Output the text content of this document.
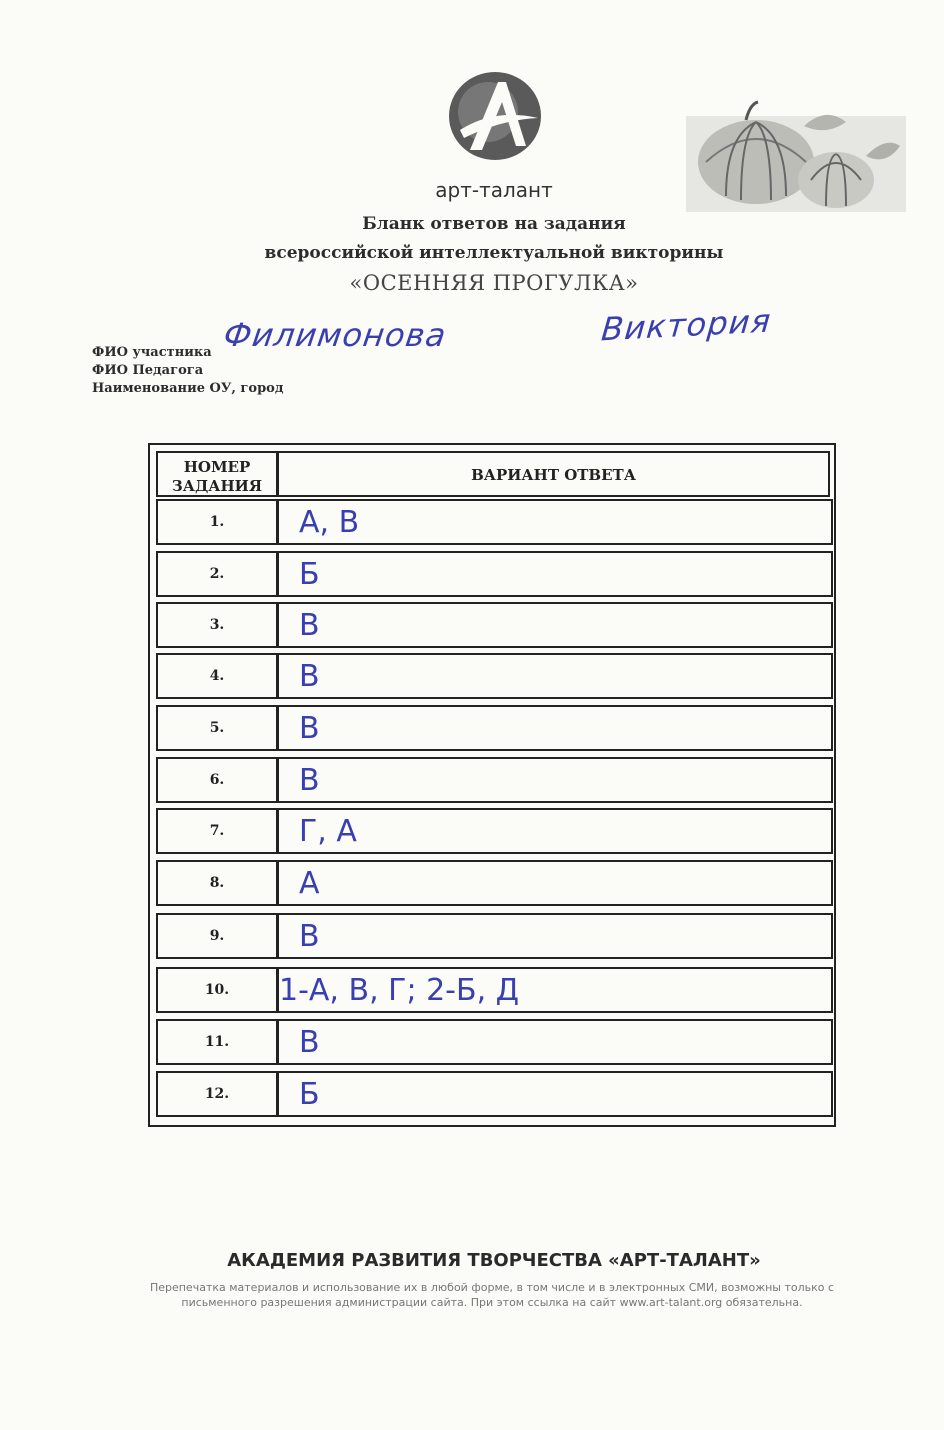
арт-талант
Бланк ответов на задания
всероссийской интеллектуальной викторины
«ОСЕННЯЯ ПРОГУЛКА»
ФИО участника
ФИО Педагога
Наименование ОУ, город
Филимонова	Виктория
НОМЕР
ЗАДАНИЯ
ВАРИАНТ ОТВЕТА
1.	А, В
2.	Б
3.	В
4.	В
5.	В
6.	В
7.	Г, А
8.	А
9.	В
10.	1-А, В, Г; 2-Б, Д
11.	В
12.	Б
АКАДЕМИЯ РАЗВИТИЯ ТВОРЧЕСТВА «АРТ-ТАЛАНТ»
Перепечатка материалов и использование их в любой форме, в том числе и в электронных СМИ, возможны только с
письменного разрешения администрации сайта. При этом ссылка на сайт www.art-talant.org обязательна.
